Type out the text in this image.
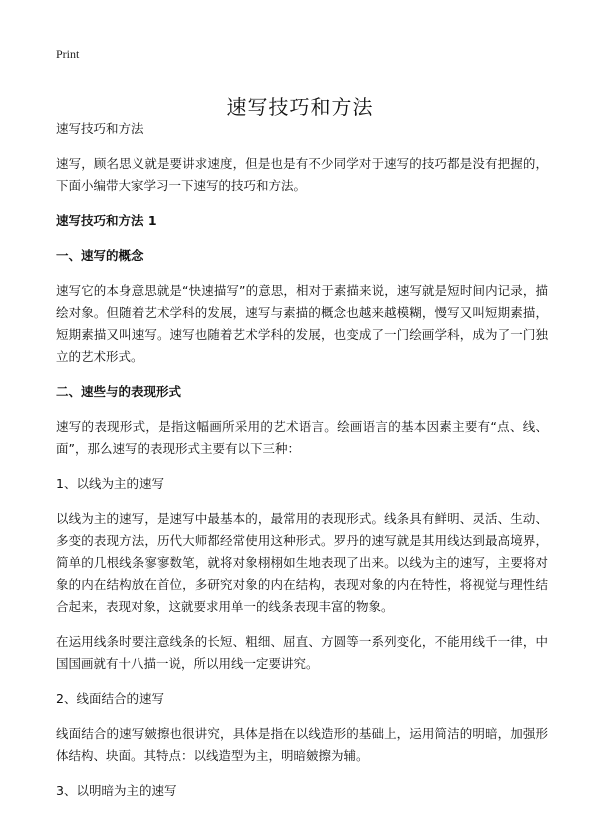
Print
速写技巧和方法

速写技巧和方法

速写，顾名思义就是要讲求速度，但是也是有不少同学对于速写的技巧都是没有把握的，下面小编带大家学习一下速写的技巧和方法。

速写技巧和方法 1

一、速写的概念

速写它的本身意思就是“快速描写”的意思，相对于素描来说，速写就是短时间内记录，描绘对象。但随着艺术学科的发展，速写与素描的概念也越来越模糊，慢写又叫短期素描，短期素描又叫速写。速写也随着艺术学科的发展，也变成了一门绘画学科，成为了一门独立的艺术形式。

二、速些与的表现形式

速写的表现形式，是指这幅画所采用的艺术语言。绘画语言的基本因素主要有“点、线、面”，那么速写的表现形式主要有以下三种：

1、以线为主的速写

以线为主的速写，是速写中最基本的，最常用的表现形式。线条具有鲜明、灵活、生动、多变的表现方法，历代大师都经常使用这种形式。罗丹的速写就是其用线达到最高境界，简单的几根线条寥寥数笔，就将对象栩栩如生地表现了出来。以线为主的速写，主要将对象的内在结构放在首位，多研究对象的内在结构，表现对象的内在特性，将视觉与理性结合起来，表现对象，这就要求用单一的线条表现丰富的物象。

在运用线条时要注意线条的长短、粗细、屈直、方圆等一系列变化，不能用线千一律，中国国画就有十八描一说，所以用线一定要讲究。

2、线面结合的速写

线面结合的速写皴擦也很讲究，具体是指在以线造形的基础上，运用简洁的明暗，加强形体结构、块面。其特点：以线造型为主，明暗皴擦为辅。

3、以明暗为主的速写
